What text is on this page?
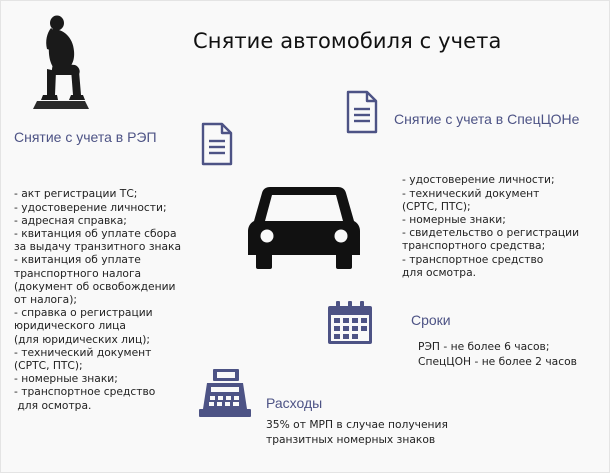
Снятие автомобиля с учета
Снятие с учета в РЭП

- акт регистрации ТС;
- удостоверение личности;
- адресная справка;
- квитанция об уплате сбора
за выдачу транзитного знака
- квитанция об уплате
транспортного налога
(документ об освобождении
от налога);
- справка о регистрации
юридического лица
(для юридических лиц);
- технический документ
(СРТС, ПТС);
- номерные знаки;
- транспортное средство
для осмотра.
Снятие с учета в СпецЦОНе

- удостоверение личности;
- технический документ
(СРТС, ПТС);
- номерные знаки;
- свидетельство о регистрации
транспортного средства;
- транспортное средство
для осмотра.
Сроки
РЭП - не более 6 часов;
СпецЦОН - не более 2 часов
Расходы
35% от МРП в случае получения
транзитных номерных знаков
